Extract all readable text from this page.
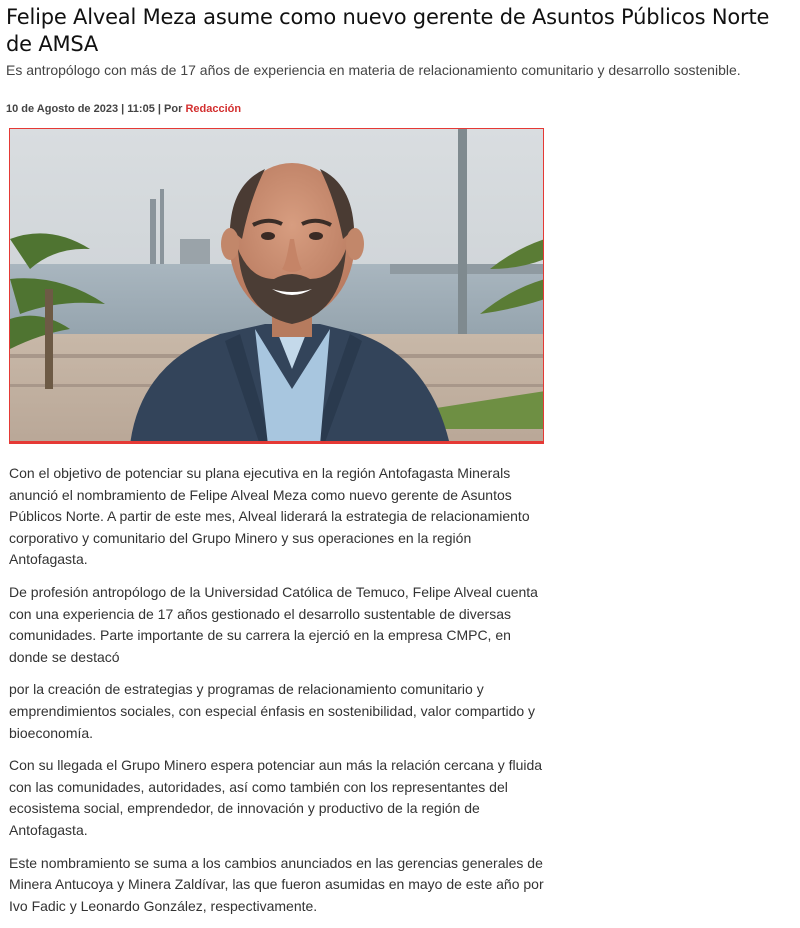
Felipe Alveal Meza asume como nuevo gerente de Asuntos Públicos Norte de AMSA

Es antropólogo con más de 17 años de experiencia en materia de relacionamiento comunitario y desarrollo sostenible.

10 de Agosto de 2023 | 11:05 | Por Redacción

Con el objetivo de potenciar su plana ejecutiva en la región Antofagasta Minerals anunció el nombramiento de Felipe Alveal Meza como nuevo gerente de Asuntos Públicos Norte. A partir de este mes, Alveal liderará la estrategia de relacionamiento corporativo y comunitario del Grupo Minero y sus operaciones en la región Antofagasta.

De profesión antropólogo de la Universidad Católica de Temuco, Felipe Alveal cuenta con una experiencia de 17 años gestionado el desarrollo sustentable de diversas comunidades. Parte importante de su carrera la ejerció en la empresa CMPC, en donde se destacó

por la creación de estrategias y programas de relacionamiento comunitario y emprendimientos sociales, con especial énfasis en sostenibilidad, valor compartido y bioeconomía.

Con su llegada el Grupo Minero espera potenciar aun más la relación cercana y fluida con las comunidades, autoridades, así como también con los representantes del ecosistema social, emprendedor, de innovación y productivo de la región de Antofagasta.

Este nombramiento se suma a los cambios anunciados en las gerencias generales de Minera Antucoya y Minera Zaldívar, las que fueron asumidas en mayo de este año por Ivo Fadic y Leonardo González, respectivamente.
